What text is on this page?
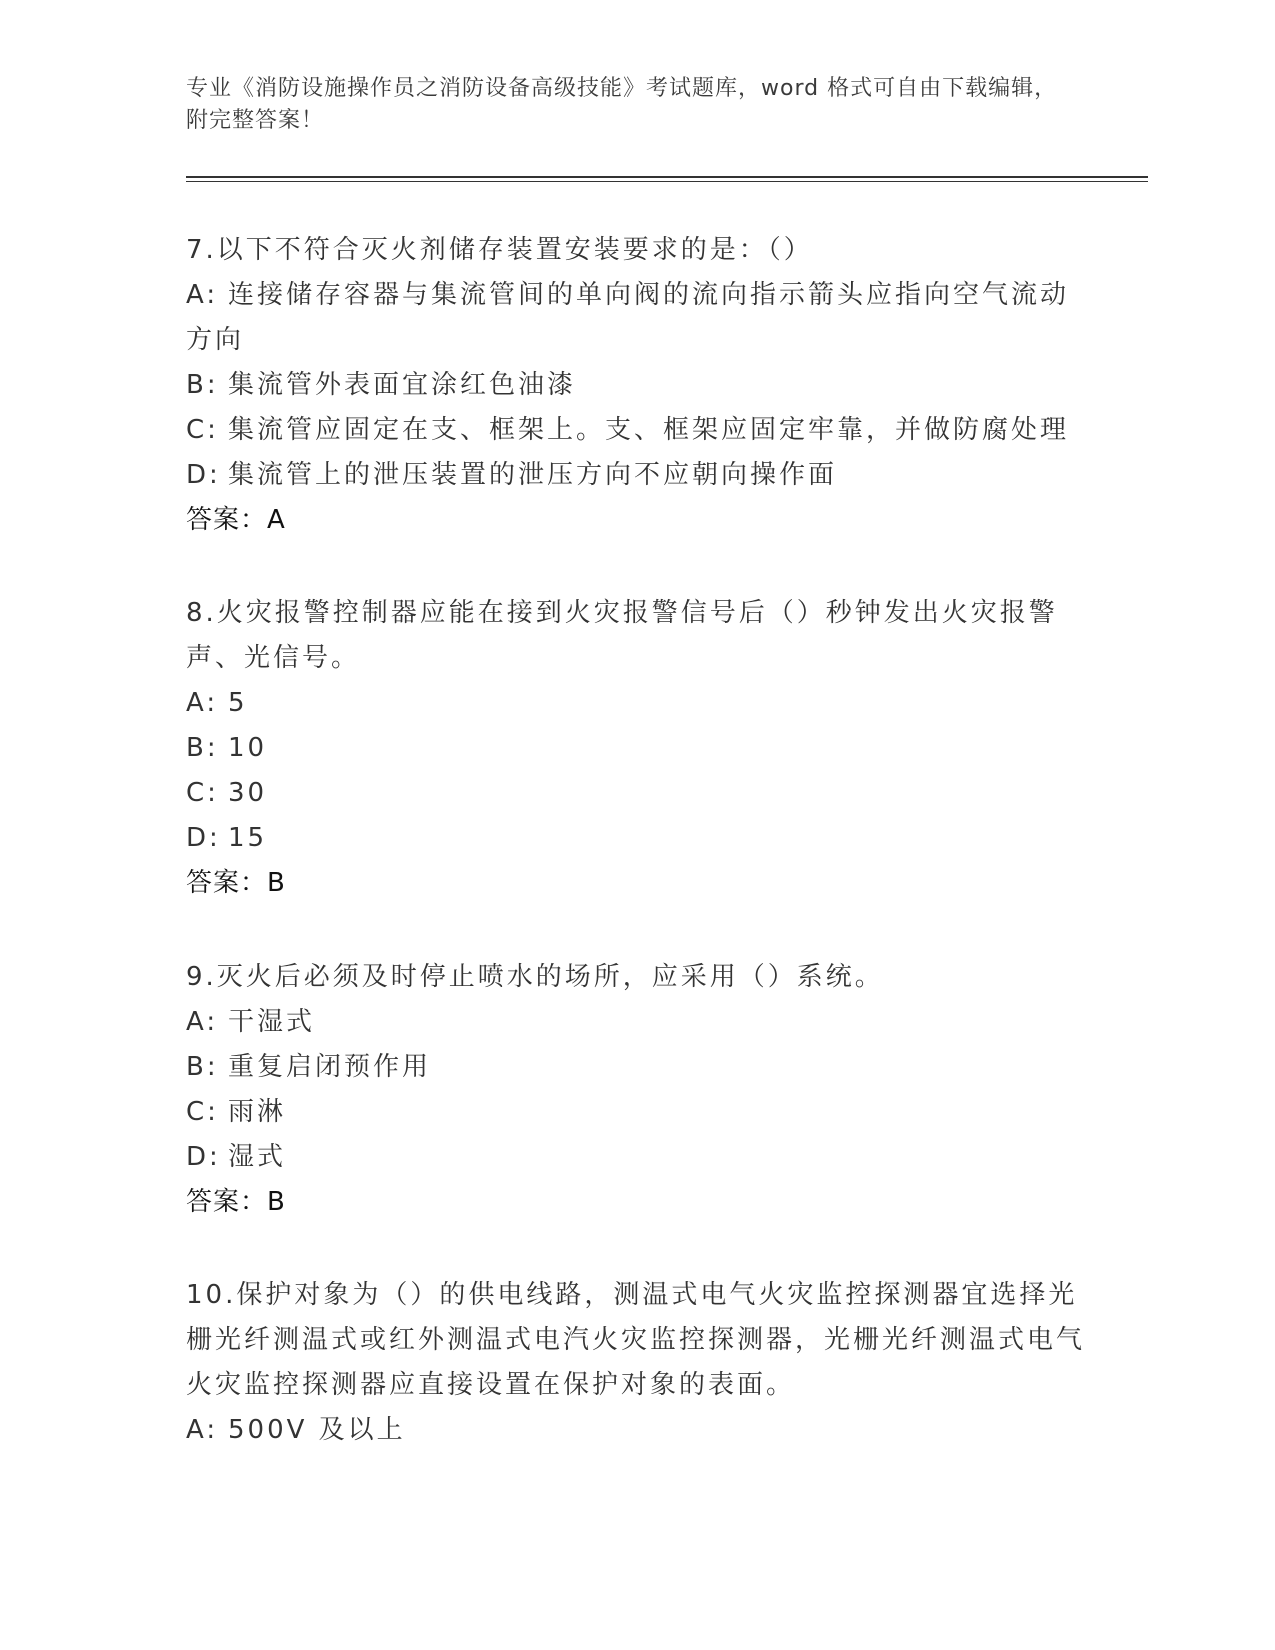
专业《消防设施操作员之消防设备高级技能》考试题库，word 格式可自由下载编辑，附完整答案！

7.以下不符合灭火剂储存装置安装要求的是：（）

A: 连接储存容器与集流管间的单向阀的流向指示箭头应指向空气流动方向

B: 集流管外表面宜涂红色油漆

C: 集流管应固定在支、框架上。支、框架应固定牢靠，并做防腐处理

D: 集流管上的泄压装置的泄压方向不应朝向操作面

答案：A

8.火灾报警控制器应能在接到火灾报警信号后（）秒钟发出火灾报警声、光信号。

A: 5

B: 10

C: 30

D: 15

答案：B

9.灭火后必须及时停止喷水的场所，应采用（）系统。

A: 干湿式

B: 重复启闭预作用

C: 雨淋

D: 湿式

答案：B

10.保护对象为（）的供电线路，测温式电气火灾监控探测器宜选择光栅光纤测温式或红外测温式电汽火灾监控探测器，光栅光纤测温式电气火灾监控探测器应直接设置在保护对象的表面。

A: 500V 及以上
